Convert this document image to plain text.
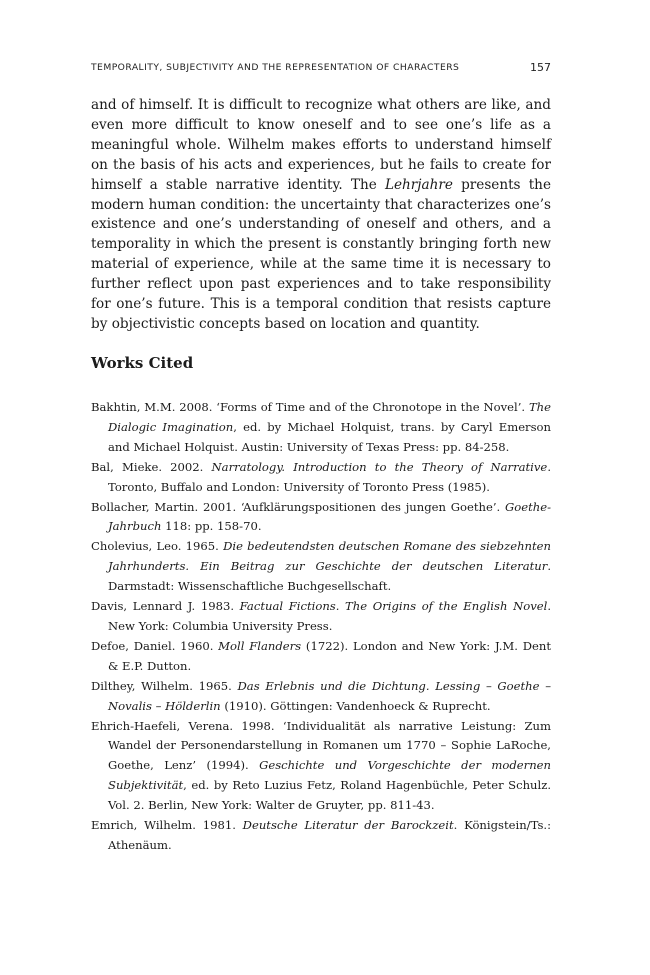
TEMPORALITY, SUBJECTIVITY AND THE REPRESENTATION OF CHARACTERS	157

and of himself. It is difficult to recognize what others are like, and even more difficult to know oneself and to see one’s life as a meaningful whole. Wilhelm makes efforts to understand himself on the basis of his acts and experiences, but he fails to create for himself a stable narrative identity. The Lehrjahre presents the modern human condition: the uncertainty that characterizes one’s existence and one’s understanding of oneself and others, and a temporality in which the present is constantly bringing forth new material of experience, while at the same time it is necessary to further reflect upon past experiences and to take responsibility for one’s future. This is a temporal condition that resists capture by objectivistic concepts based on location and quantity.

Works Cited
Bakhtin, M.M. 2008. ‘Forms of Time and of the Chronotope in the Novel’. The Dialogic Imagination, ed. by Michael Holquist, trans. by Caryl Emerson and Michael Holquist. Austin: University of Texas Press: pp. 84-258.
Bal, Mieke. 2002. Narratology. Introduction to the Theory of Narrative. Toronto, Buffalo and London: University of Toronto Press (1985).
Bollacher, Martin. 2001. ‘Aufklärungspositionen des jungen Goethe’. Goethe-Jahrbuch 118: pp. 158-70.
Cholevius, Leo. 1965. Die bedeutendsten deutschen Romane des siebzehnten Jahrhunderts. Ein Beitrag zur Geschichte der deutschen Literatur. Darmstadt: Wissenschaftliche Buchgesellschaft.
Davis, Lennard J. 1983. Factual Fictions. The Origins of the English Novel. New York: Columbia University Press.
Defoe, Daniel. 1960. Moll Flanders (1722). London and New York: J.M. Dent & E.P. Dutton.
Dilthey, Wilhelm. 1965. Das Erlebnis und die Dichtung. Lessing – Goethe – Novalis – Hölderlin (1910). Göttingen: Vandenhoeck & Ruprecht.
Ehrich-Haefeli, Verena. 1998. ‘Individualität als narrative Leistung: Zum Wandel der Personendarstellung in Romanen um 1770 – Sophie LaRoche, Goethe, Lenz’ (1994). Geschichte und Vorgeschichte der modernen Subjektivität, ed. by Reto Luzius Fetz, Roland Hagenbüchle, Peter Schulz. Vol. 2. Berlin, New York: Walter de Gruyter, pp. 811-43.
Emrich, Wilhelm. 1981. Deutsche Literatur der Barockzeit. Königstein/Ts.: Athenäum.
